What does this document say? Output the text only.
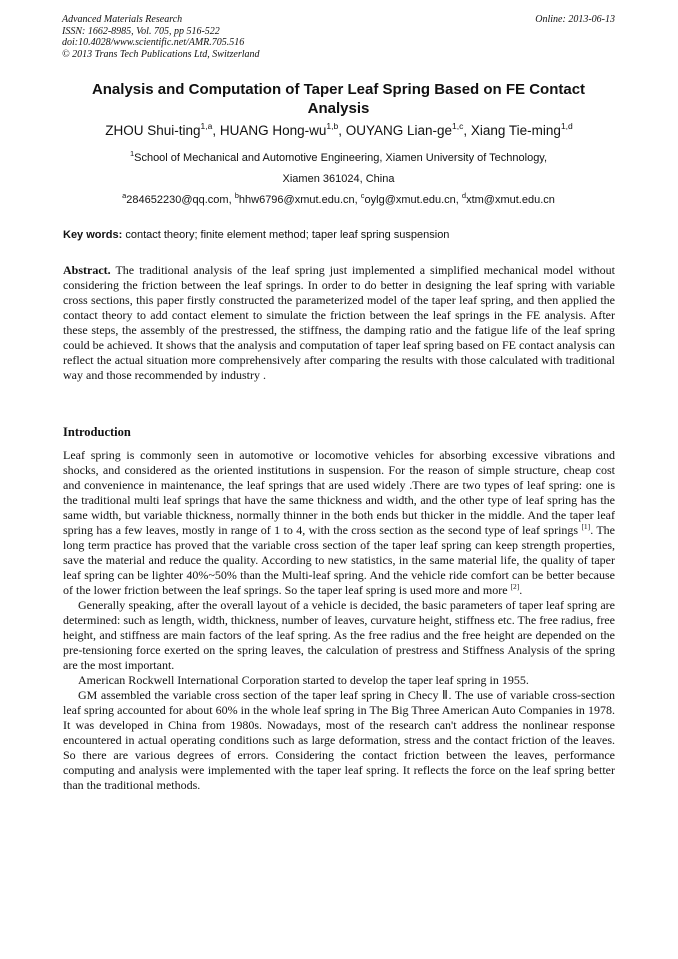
Advanced Materials Research
ISSN: 1662-8985, Vol. 705, pp 516-522
doi:10.4028/www.scientific.net/AMR.705.516
© 2013 Trans Tech Publications Ltd, Switzerland
Online: 2013-06-13
Analysis and Computation of Taper Leaf Spring Based on FE Contact Analysis
ZHOU Shui-ting$^{1,a}$, HUANG Hong-wu$^{1,b}$, OUYANG Lian-ge$^{1,c}$, Xiang Tie-ming$^{1,d}$
$^1$School of Mechanical and Automotive Engineering, Xiamen University of Technology,
Xiamen 361024, China
$^a$284652230@qq.com, $^b$hhw6796@xmut.edu.cn, $^c$oylg@xmut.edu.cn, $^d$xtm@xmut.edu.cn
Key words: contact theory; finite element method; taper leaf spring suspension

Abstract. The traditional analysis of the leaf spring just implemented a simplified mechanical model without considering the friction between the leaf springs. In order to do better in designing the leaf spring with variable cross sections, this paper firstly constructed the parameterized model of the taper leaf spring, and then applied the contact theory to add contact element to simulate the friction between the leaf springs in the FE analysis. After these steps, the assembly of the prestressed, the stiffness, the damping ratio and the fatigue life of the leaf spring could be achieved. It shows that the analysis and computation of taper leaf spring based on FE contact analysis can reflect the actual situation more comprehensively after comparing the results with those calculated with traditional way and those recommended by industry .

Introduction

Leaf spring is commonly seen in automotive or locomotive vehicles for absorbing excessive vibrations and shocks, and considered as the oriented institutions in suspension. For the reason of simple structure, cheap cost and convenience in maintenance, the leaf springs that are used widely .There are two types of leaf spring: one is the traditional multi leaf springs that have the same thickness and width, and the other type of leaf spring has the same width, but variable thickness, normally thinner in the both ends but thicker in the middle. And the taper leaf spring has a few leaves, mostly in range of 1 to 4, with the cross section as the second type of leaf springs [1]. The long term practice has proved that the variable cross section of the taper leaf spring can keep strength properties, save the material and reduce the quality. According to new statistics, in the same material life, the quality of taper leaf spring can be lighter 40%~50% than the Multi-leaf spring. And the vehicle ride comfort can be better because of the lower friction between the leaf springs. So the taper leaf spring is used more and more [2].

Generally speaking, after the overall layout of a vehicle is decided, the basic parameters of taper leaf spring are determined: such as length, width, thickness, number of leaves, curvature height, stiffness etc. The free radius, free height, and stiffness are main factors of the leaf spring. As the free radius and the free height are depended on the pre-tensioning force exerted on the spring leaves, the calculation of prestress and Stiffness Analysis of the spring are the most important.

American Rockwell International Corporation started to develop the taper leaf spring in 1955.

GM assembled the variable cross section of the taper leaf spring in Checy Ⅱ. The use of variable cross-section leaf spring accounted for about 60% in the whole leaf spring in The Big Three American Auto Companies in 1978. It was developed in China from 1980s. Nowadays, most of the research can't address the nonlinear response encountered in actual operating conditions such as large deformation, stress and the contact friction of the leaves. So there are various degrees of errors. Considering the contact friction between the leaves, performance computing and analysis were implemented with the taper leaf spring. It reflects the force on the leaf spring better than the traditional methods.
